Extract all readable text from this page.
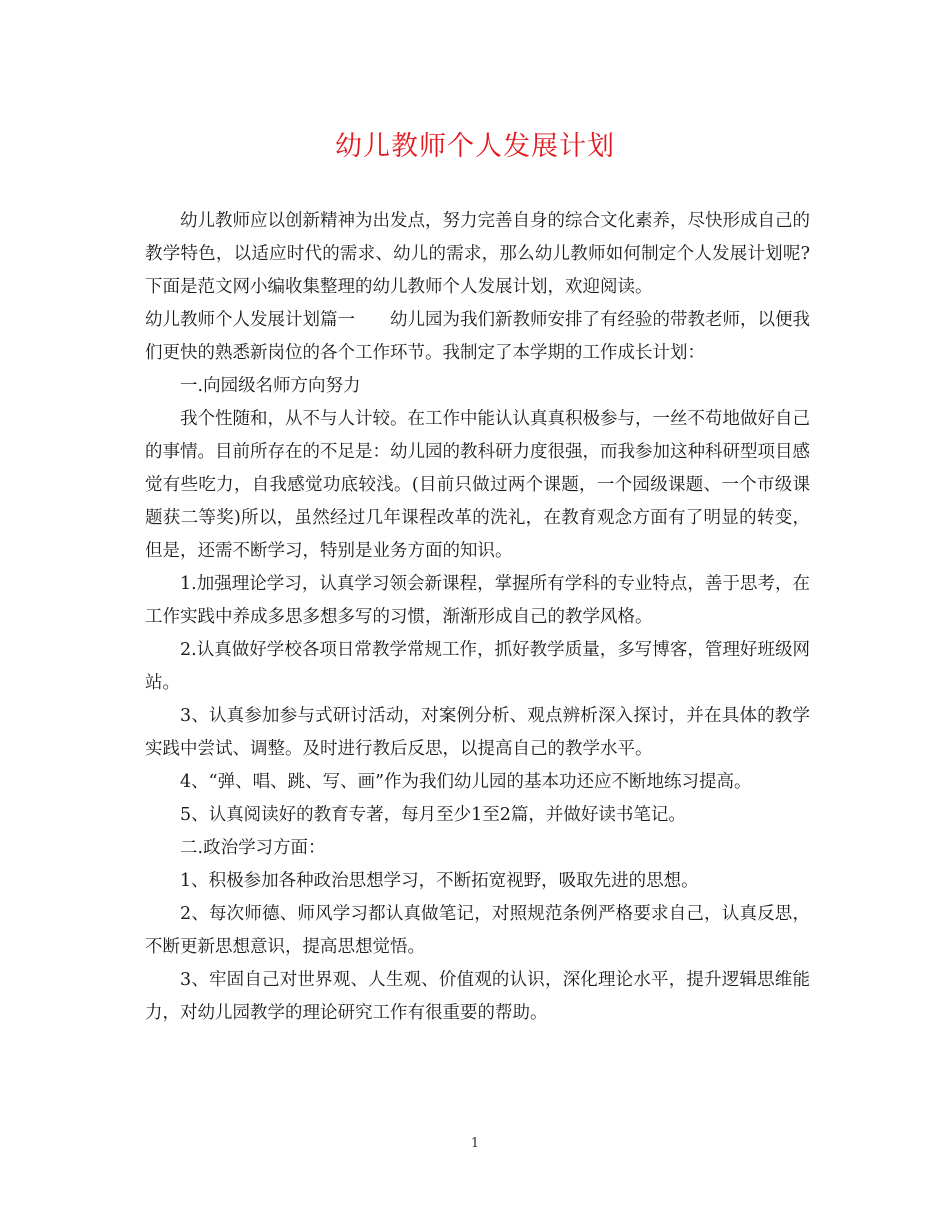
幼儿教师个人发展计划

幼儿教师应以创新精神为出发点，努力完善自身的综合文化素养，尽快形成自己的教学特色，以适应时代的需求、幼儿的需求，那么幼儿教师如何制定个人发展计划呢?下面是范文网小编收集整理的幼儿教师个人发展计划，欢迎阅读。

幼儿教师个人发展计划篇一　　幼儿园为我们新教师安排了有经验的带教老师，以便我们更快的熟悉新岗位的各个工作环节。我制定了本学期的工作成长计划：

一.向园级名师方向努力

我个性随和，从不与人计较。在工作中能认认真真积极参与，一丝不苟地做好自己的事情。目前所存在的不足是：幼儿园的教科研力度很强，而我参加这种科研型项目感觉有些吃力，自我感觉功底较浅。(目前只做过两个课题，一个园级课题、一个市级课题获二等奖)所以，虽然经过几年课程改革的洗礼，在教育观念方面有了明显的转变，但是，还需不断学习，特别是业务方面的知识。

1.加强理论学习，认真学习领会新课程，掌握所有学科的专业特点，善于思考，在工作实践中养成多思多想多写的习惯，渐渐形成自己的教学风格。

2.认真做好学校各项日常教学常规工作，抓好教学质量，多写博客，管理好班级网站。

3、认真参加参与式研讨活动，对案例分析、观点辨析深入探讨，并在具体的教学实践中尝试、调整。及时进行教后反思，以提高自己的教学水平。

4、“弹、唱、跳、写、画”作为我们幼儿园的基本功还应不断地练习提高。

5、认真阅读好的教育专著，每月至少1至2篇，并做好读书笔记。

二.政治学习方面：

1、积极参加各种政治思想学习，不断拓宽视野，吸取先进的思想。

2、每次师德、师风学习都认真做笔记，对照规范条例严格要求自己，认真反思，不断更新思想意识，提高思想觉悟。

3、牢固自己对世界观、人生观、价值观的认识，深化理论水平，提升逻辑思维能力，对幼儿园教学的理论研究工作有很重要的帮助。

1
